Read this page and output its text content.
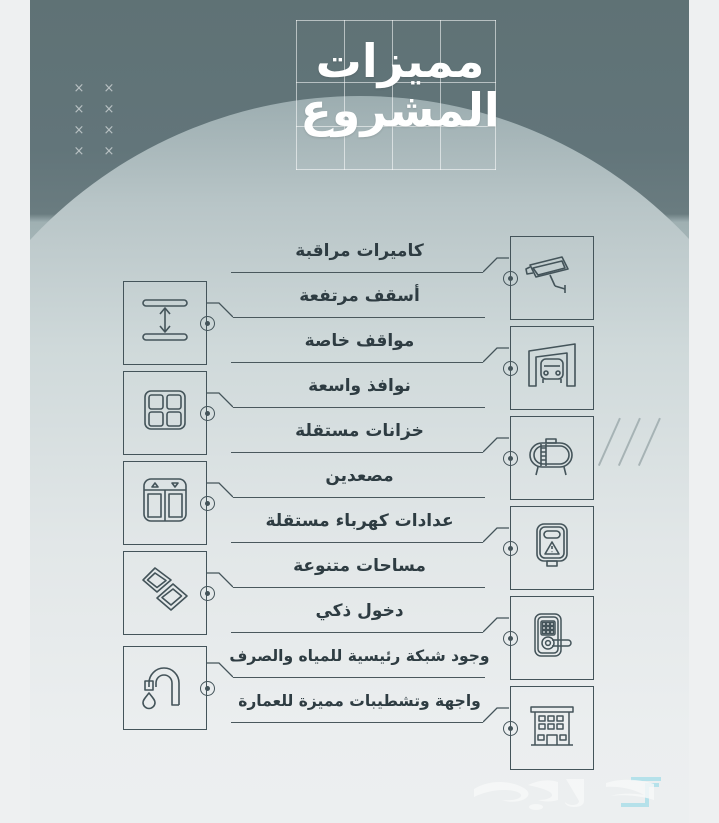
مميزات
المشروع
×
×
×
×
×
×
×
×
كاميرات مراقبة
أسقف مرتفعة
مواقف خاصة
نوافذ واسعة
خزانات مستقلة
مصعدين
عدادات كهرباء مستقلة
مساحات متنوعة
دخول ذكي
وجود شبكة رئيسية للمياه والصرف
واجهة وتشطيبات مميزة للعمارة
